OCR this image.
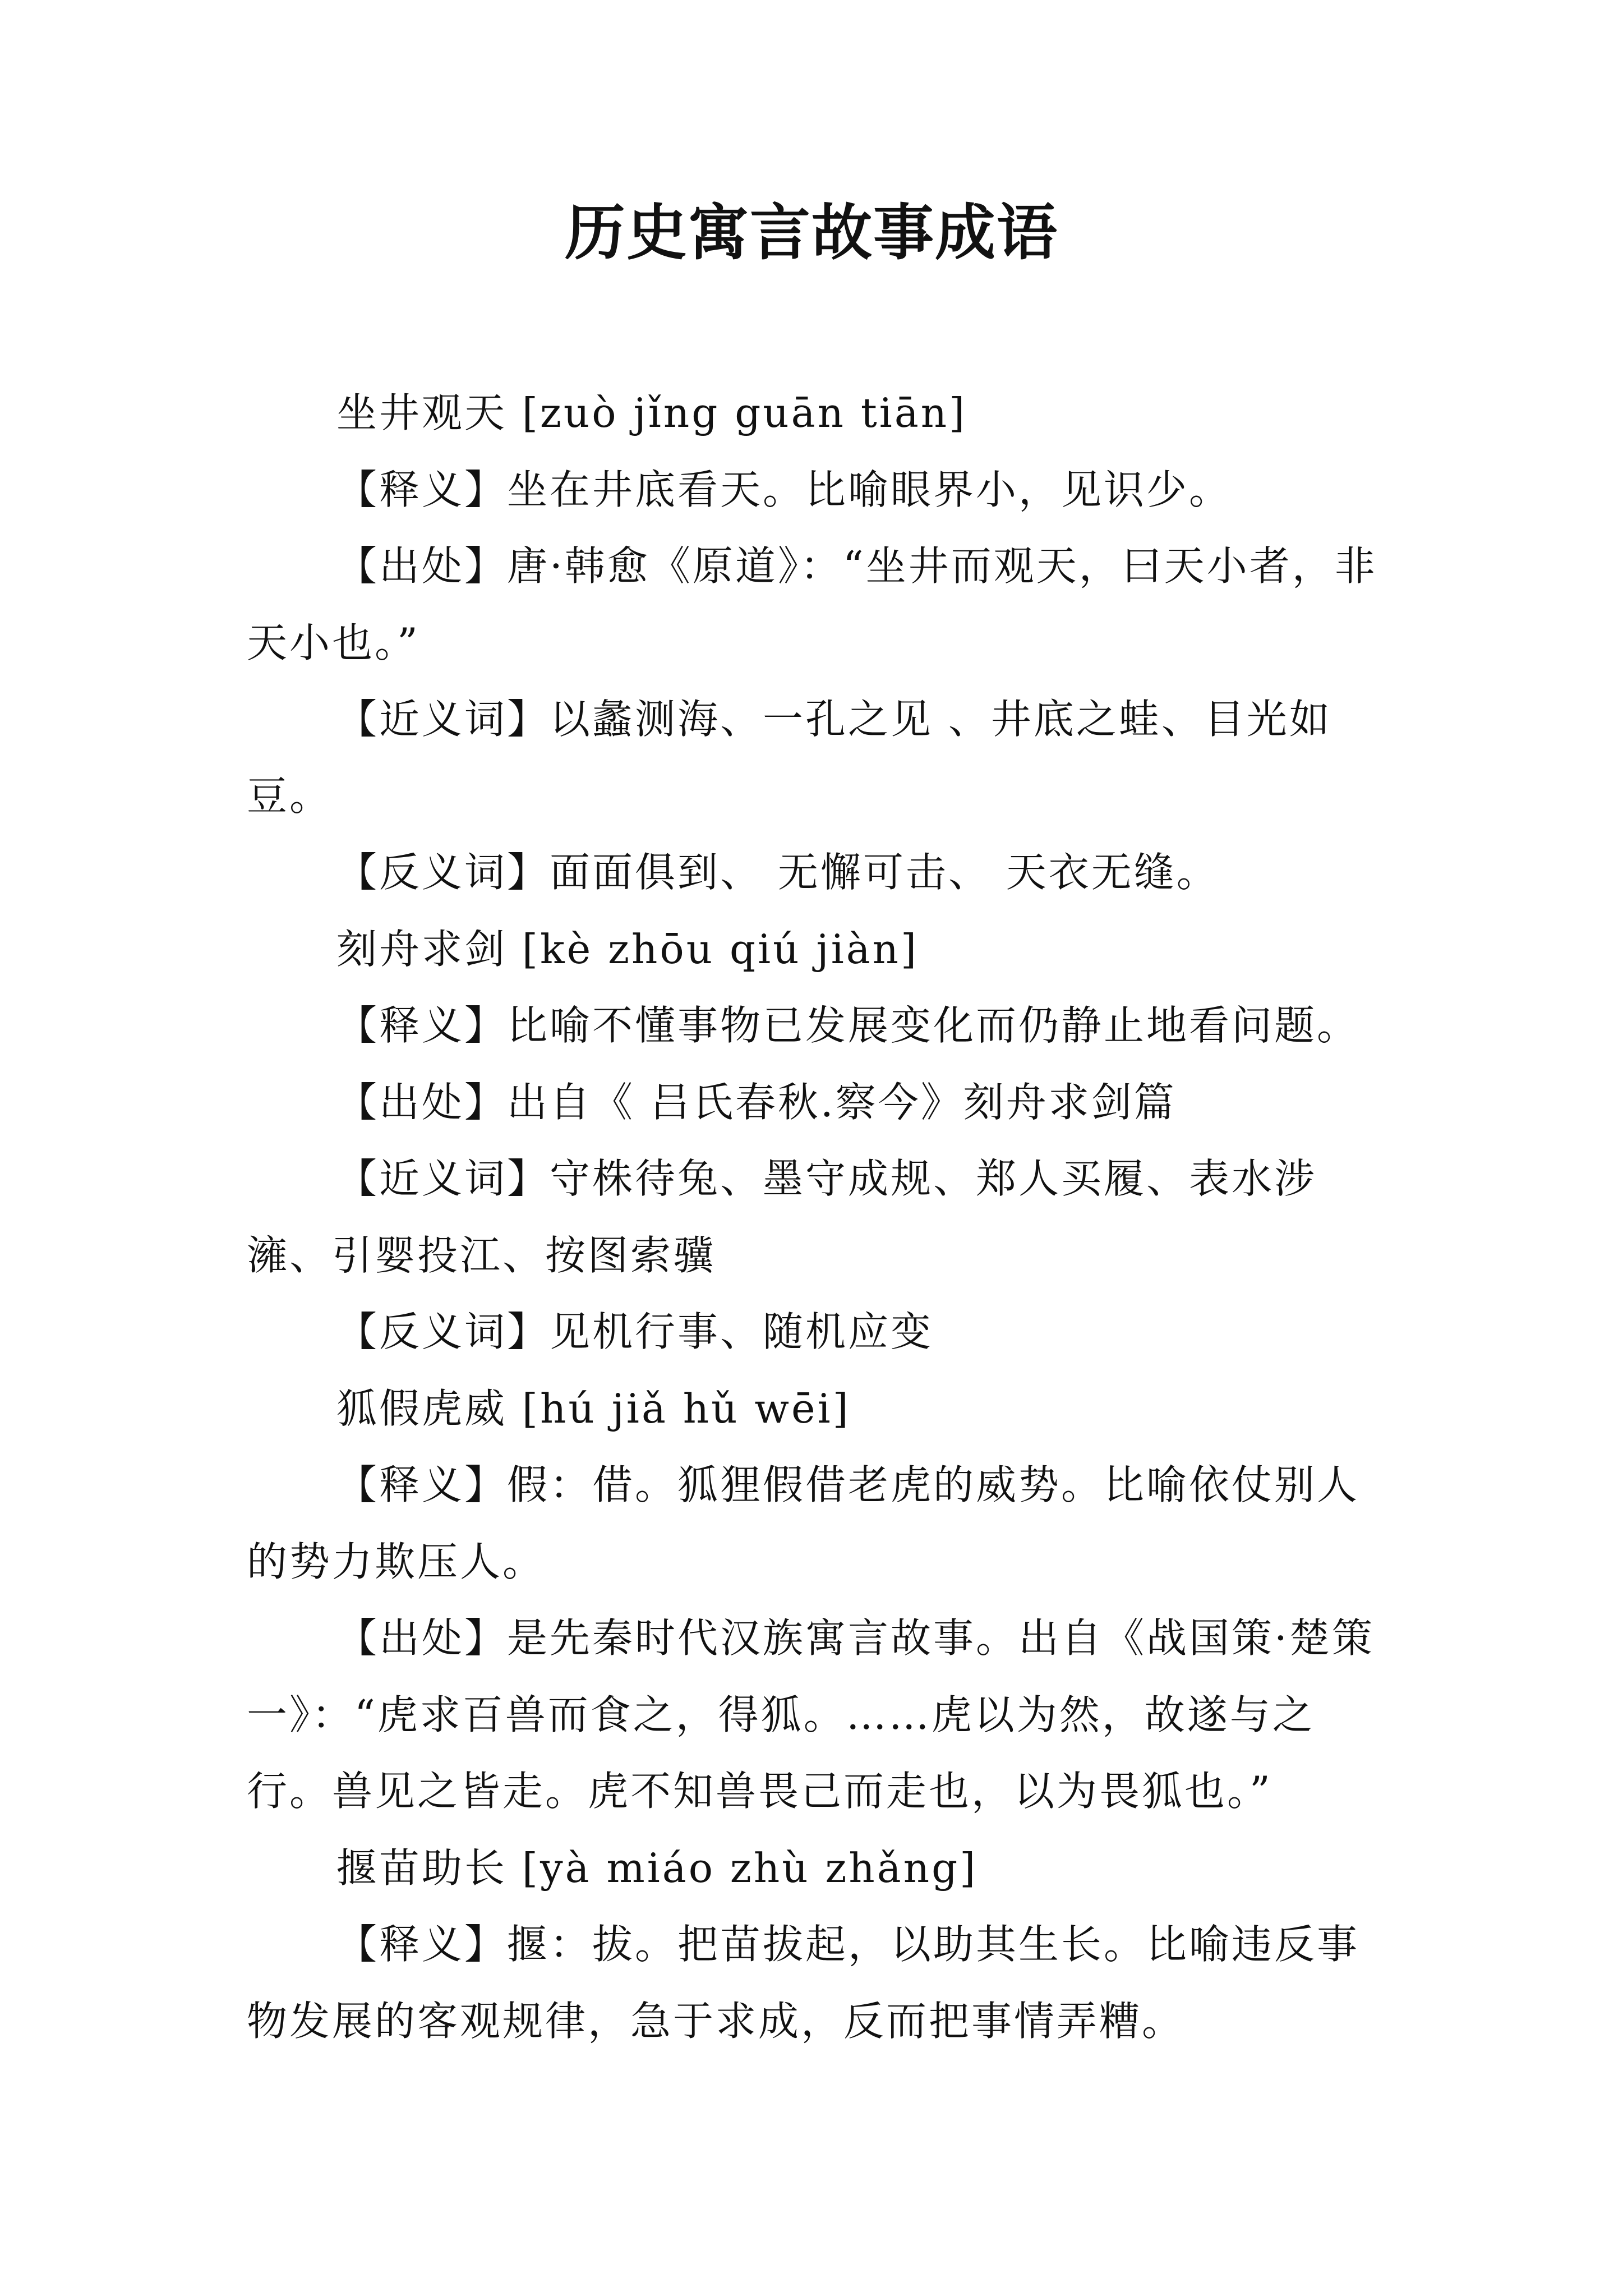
历史寓言故事成语

坐井观天 [zuò jǐng guān tiān]

【释义】坐在井底看天。比喻眼界小，见识少。

【出处】唐·韩愈《原道》：“坐井而观天，曰天小者，非天小也。”

【近义词】以蠡测海、一孔之见 、井底之蛙、目光如豆。

【反义词】面面俱到、 无懈可击、 天衣无缝。

刻舟求剑 [kè zhōu qiú jiàn]

【释义】比喻不懂事物已发展变化而仍静止地看问题。

【出处】出自《 吕氏春秋.察今》刻舟求剑篇

【近义词】守株待兔、墨守成规、郑人买履、表水涉澭、引婴投江、按图索骥

【反义词】见机行事、随机应变

狐假虎威 [hú jiǎ hǔ wēi]

【释义】假：借。狐狸假借老虎的威势。比喻依仗别人的势力欺压人。

【出处】是先秦时代汉族寓言故事。出自《战国策·楚策一》：“虎求百兽而食之，得狐。……虎以为然，故遂与之行。兽见之皆走。虎不知兽畏己而走也，以为畏狐也。”

揠苗助长 [yà miáo zhù zhǎng]

【释义】揠：拔。把苗拔起，以助其生长。比喻违反事物发展的客观规律，急于求成，反而把事情弄糟。
